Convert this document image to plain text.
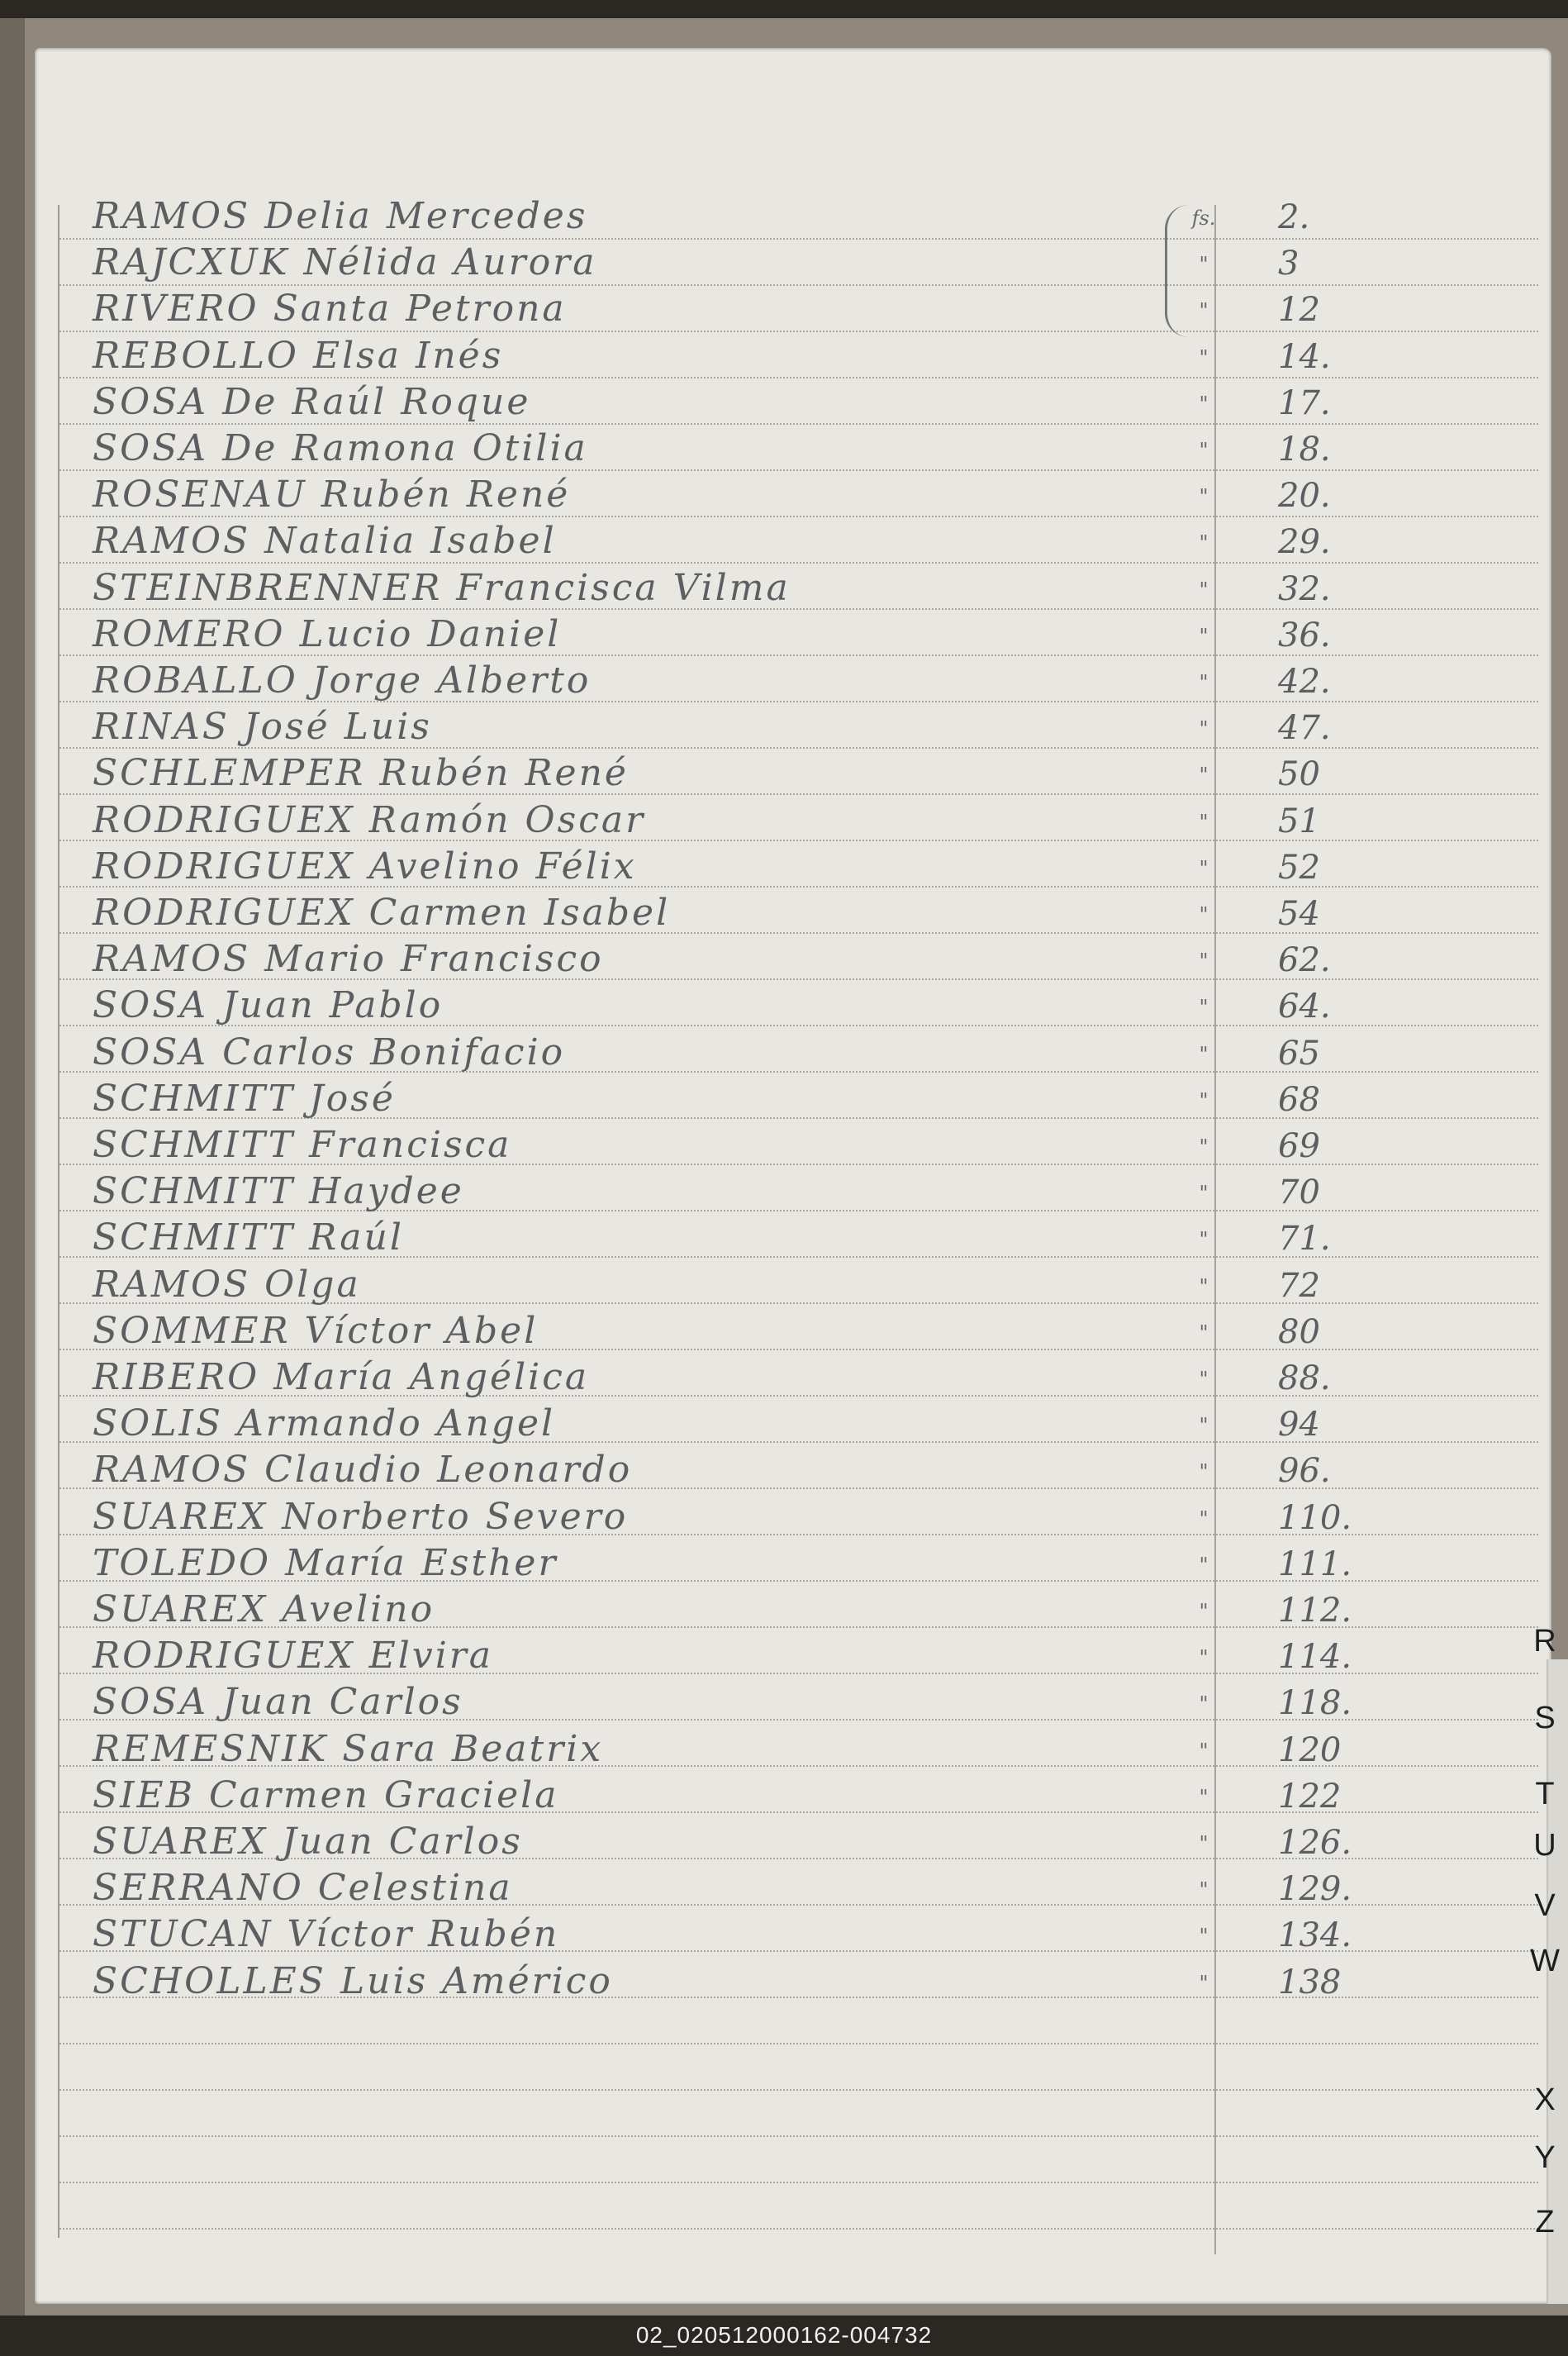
RAMOS Delia Mercedes	fs. 2.
RAJCXUK Nélida Aurora	"	3
RIVERO Santa Petrona	"	12
REBOLLO Elsa Inés	"	14.
SOSA De Raúl Roque	"	17.
SOSA De Ramona Otilia	"	18.
ROSENAU Rubén René	"	20.
RAMOS Natalia Isabel	"	29.
STEINBRENNER Francisca Vilma	"	32.
ROMERO Lucio Daniel	"	36.
ROBALLO Jorge Alberto	"	42.
RINAS José Luis	"	47.
SCHLEMPER Rubén René	"	50
RODRIGUEX Ramón Oscar	"	51
RODRIGUEX Avelino Félix	"	52
RODRIGUEX Carmen Isabel	"	54
RAMOS Mario Francisco	"	62.
SOSA Juan Pablo	"	64.
SOSA Carlos Bonifacio	"	65
SCHMITT José	"	68
SCHMITT Francisca	"	69
SCHMITT Haydee	"	70
SCHMITT Raúl	"	71.
RAMOS Olga	"	72
SOMMER Víctor Abel	"	80
RIBERO María Angélica	"	88.
SOLIS Armando Angel	"	94
RAMOS Claudio Leonardo	"	96.
SUAREX Norberto Severo	"	110.
TOLEDO María Esther	"	111.
SUAREX Avelino	"	112.
RODRIGUEX Elvira	"	114.
SOSA Juan Carlos	"	118.
REMESNIK Sara Beatrix	"	120
SIEB Carmen Graciela	"	122
SUAREX Juan Carlos	"	126.
SERRANO Celestina	"	129.
STUCAN Víctor Rubén	"	134.
SCHOLLES Luis Américo	"	138
R
S
T
U
V
W
X
Y
Z
02_020512000162-004732
